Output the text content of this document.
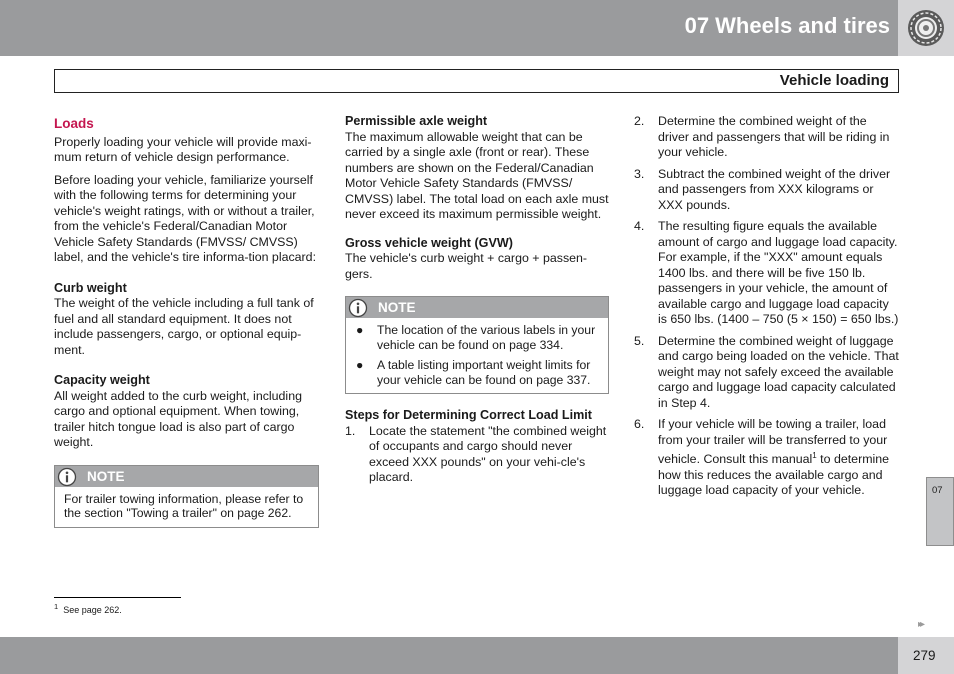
07 Wheels and tires
Vehicle loading
Loads

Properly loading your vehicle will provide maxi-mum return of vehicle design performance.

Before loading your vehicle, familiarize yourself with the following terms for determining your vehicle's weight ratings, with or without a trailer, from the vehicle's Federal/Canadian Motor Vehicle Safety Standards (FMVSS/ CMVSS) label, and the vehicle's tire informa-tion placard:

Curb weight

The weight of the vehicle including a full tank of fuel and all standard equipment. It does not include passengers, cargo, or optional equip-ment.

Capacity weight

All weight added to the curb weight, including cargo and optional equipment. When towing, trailer hitch tongue load is also part of cargo weight.

NOTE
For trailer towing information, please refer to the section "Towing a trailer" on page 262.
Permissible axle weight

The maximum allowable weight that can be carried by a single axle (front or rear). These numbers are shown on the Federal/Canadian Motor Vehicle Safety Standards (FMVSS/ CMVSS) label. The total load on each axle must never exceed its maximum permissible weight.

Gross vehicle weight (GVW)

The vehicle's curb weight + cargo + passen-gers.

NOTE
● The location of the various labels in your vehicle can be found on page 334.
● A table listing important weight limits for your vehicle can be found on page 337.
Steps for Determining Correct Load Limit
1. Locate the statement "the combined weight of occupants and cargo should never exceed XXX pounds" on your vehi-cle's placard.
2. Determine the combined weight of the driver and passengers that will be riding in your vehicle.
3. Subtract the combined weight of the driver and passengers from XXX kilograms or XXX pounds.
4. The resulting figure equals the available amount of cargo and luggage load capacity. For example, if the "XXX" amount equals 1400 lbs. and there will be five 150 lb. passengers in your vehicle, the amount of available cargo and luggage load capacity is 650 lbs. (1400 – 750 (5 × 150) = 650 lbs.)
5. Determine the combined weight of luggage and cargo being loaded on the vehicle. That weight may not safely exceed the available cargo and luggage load capacity calculated in Step 4.
6. If your vehicle will be towing a trailer, load from your trailer will be transferred to your vehicle. Consult this manual$^1$ to determine how this reduces the available cargo and luggage load capacity of your vehicle.
$^1$ See page 262.
07
▸▸
279
